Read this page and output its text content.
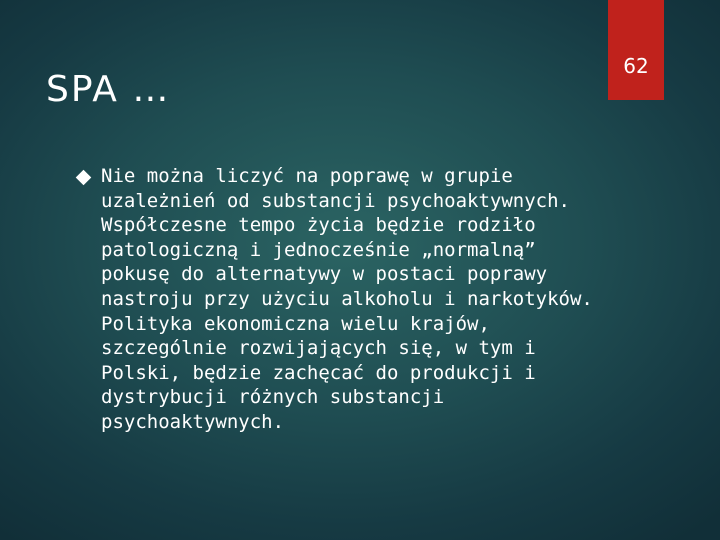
SPA …
62

Nie można liczyć na poprawę w grupie uzależnień od substancji psychoaktywnych. Współczesne tempo życia będzie rodziło patologiczną i jednocześnie „normalną” pokusę do alternatywy w postaci poprawy nastroju przy użyciu alkoholu i narkotyków. Polityka ekonomiczna wielu krajów, szczególnie rozwijających się, w tym i Polski, będzie zachęcać do produkcji i dystrybucji różnych substancji psychoaktywnych.
